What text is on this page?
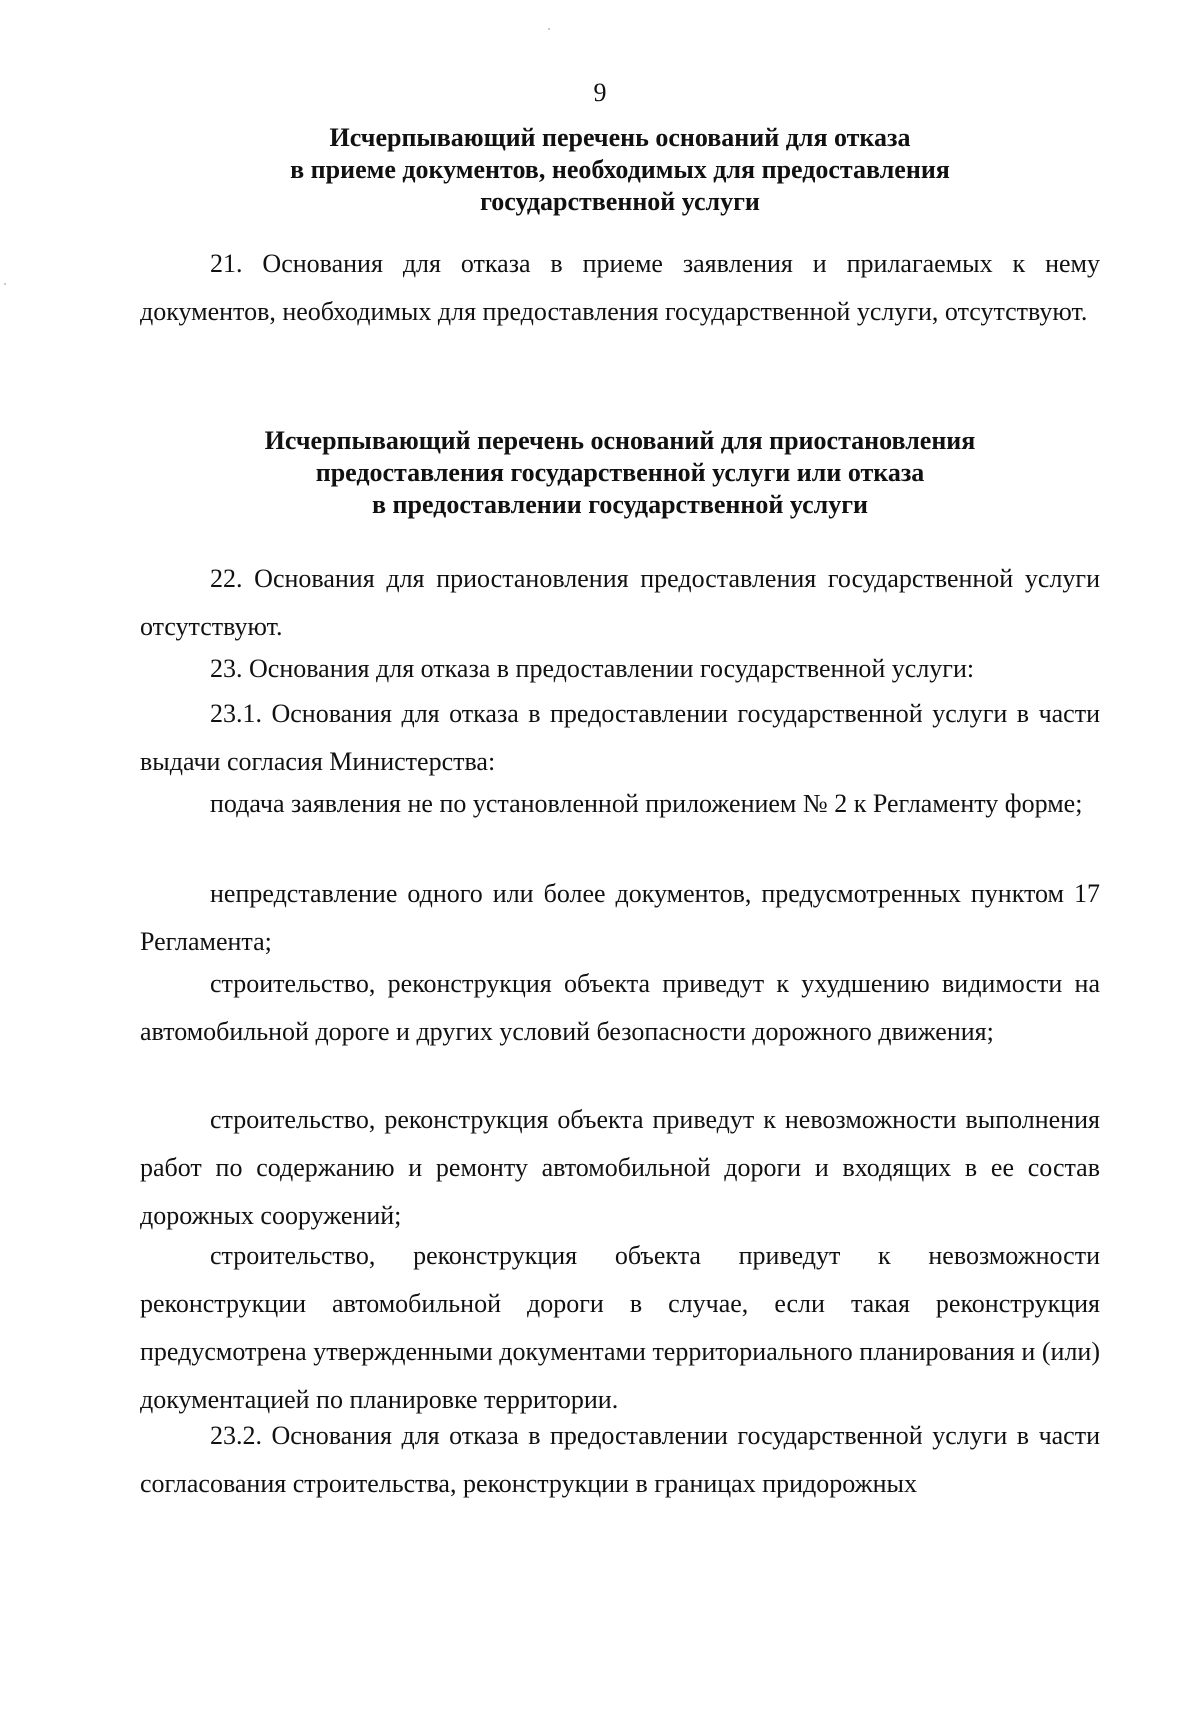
9
Исчерпывающий перечень оснований для отказа
в приеме документов, необходимых для предоставления
государственной услуги
21. Основания для отказа в приеме заявления и прилагаемых к нему документов, необходимых для предоставления государственной услуги, отсутствуют.
Исчерпывающий перечень оснований для приостановления
предоставления государственной услуги или отказа
в предоставлении государственной услуги
22. Основания для приостановления предоставления государственной услуги отсутствуют.
23. Основания для отказа в предоставлении государственной услуги:
23.1. Основания для отказа в предоставлении государственной услуги в части выдачи согласия Министерства:
подача заявления не по установленной приложением № 2 к Регламенту форме;
непредставление одного или более документов, предусмотренных пунктом 17 Регламента;
строительство, реконструкция объекта приведут к ухудшению видимости на автомобильной дороге и других условий безопасности дорожного движения;
строительство, реконструкция объекта приведут к невозможности выполнения работ по содержанию и ремонту автомобильной дороги и входящих в ее состав дорожных сооружений;
строительство, реконструкция объекта приведут к невозможности реконструкции автомобильной дороги в случае, если такая реконструкция предусмотрена утвержденными документами территориального планирования и (или) документацией по планировке территории.
23.2. Основания для отказа в предоставлении государственной услуги в части согласования строительства, реконструкции в границах придорожных
